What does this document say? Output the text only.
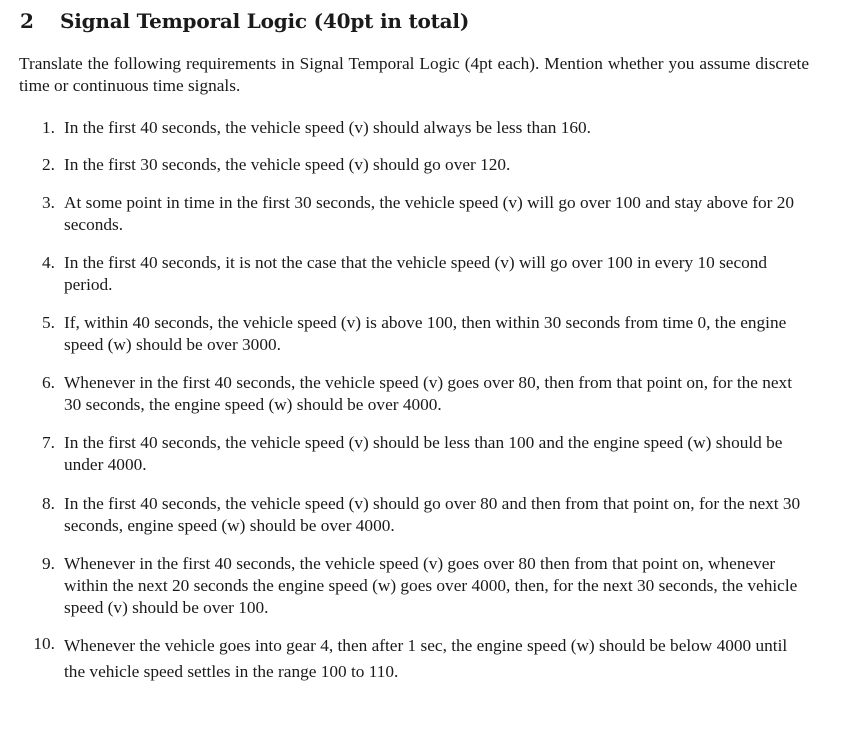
2 Signal Temporal Logic (40pt in total)

Translate the following requirements in Signal Temporal Logic (4pt each). Mention whether you assume discrete time or continuous time signals.

1. In the first 40 seconds, the vehicle speed (v) should always be less than 160.
2. In the first 30 seconds, the vehicle speed (v) should go over 120.
3. At some point in time in the first 30 seconds, the vehicle speed (v) will go over 100 and stay above for 20 seconds.
4. In the first 40 seconds, it is not the case that the vehicle speed (v) will go over 100 in every 10 second period.
5. If, within 40 seconds, the vehicle speed (v) is above 100, then within 30 seconds from time 0, the engine speed (w) should be over 3000.
6. Whenever in the first 40 seconds, the vehicle speed (v) goes over 80, then from that point on, for the next 30 seconds, the engine speed (w) should be over 4000.
7. In the first 40 seconds, the vehicle speed (v) should be less than 100 and the engine speed (w) should be under 4000.
8. In the first 40 seconds, the vehicle speed (v) should go over 80 and then from that point on, for the next 30 seconds, engine speed (w) should be over 4000.
9. Whenever in the first 40 seconds, the vehicle speed (v) goes over 80 then from that point on, whenever within the next 20 seconds the engine speed (w) goes over 4000, then, for the next 30 seconds, the vehicle speed (v) should be over 100.
10. Whenever the vehicle goes into gear 4, then after 1 sec, the engine speed (w) should be below 4000 until the vehicle speed settles in the range 100 to 110.
